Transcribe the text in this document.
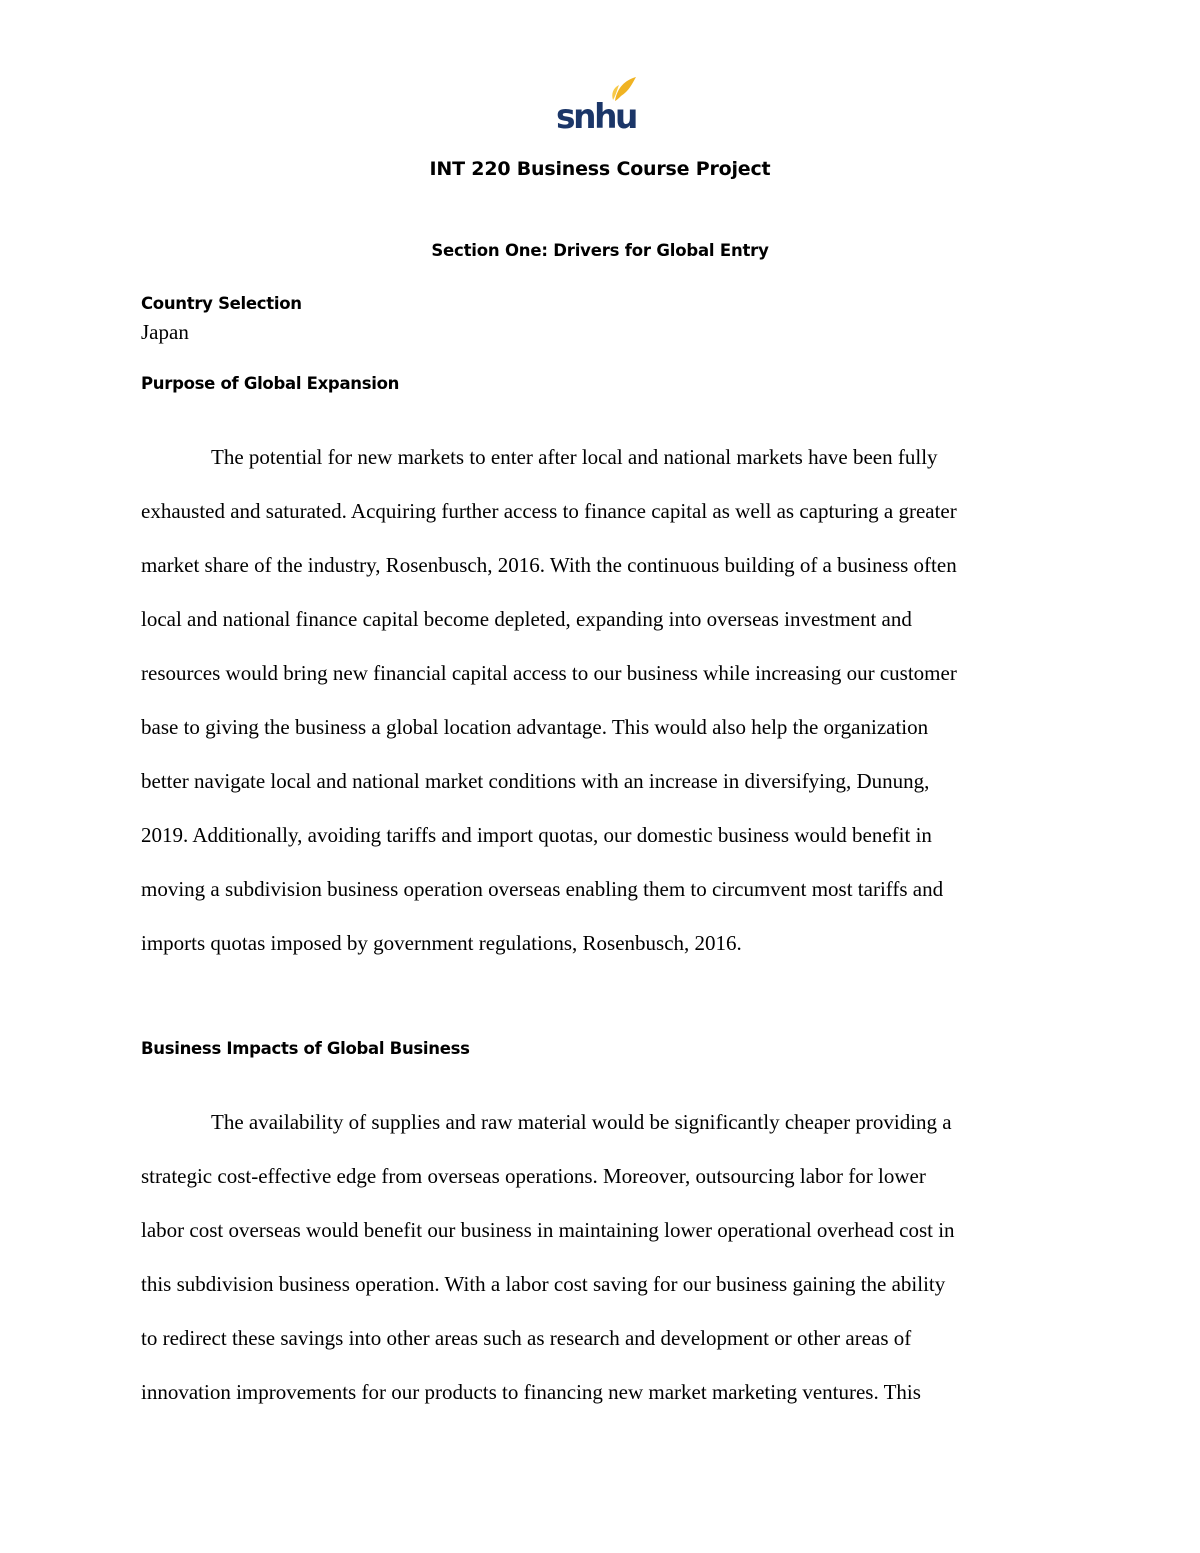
snhu
INT 220 Business Course Project
Section One: Drivers for Global Entry
Country Selection
Japan
Purpose of Global Expansion
The potential for new markets to enter after local and national markets have been fully
exhausted and saturated. Acquiring further access to finance capital as well as capturing a greater
market share of the industry, Rosenbusch, 2016. With the continuous building of a business often
local and national finance capital become depleted, expanding into overseas investment and
resources would bring new financial capital access to our business while increasing our customer
base to giving the business a global location advantage. This would also help the organization
better navigate local and national market conditions with an increase in diversifying, Dunung,
2019. Additionally, avoiding tariffs and import quotas, our domestic business would benefit in
moving a subdivision business operation overseas enabling them to circumvent most tariffs and
imports quotas imposed by government regulations, Rosenbusch, 2016.
Business Impacts of Global Business
The availability of supplies and raw material would be significantly cheaper providing a
strategic cost-effective edge from overseas operations. Moreover, outsourcing labor for lower
labor cost overseas would benefit our business in maintaining lower operational overhead cost in
this subdivision business operation. With a labor cost saving for our business gaining the ability
to redirect these savings into other areas such as research and development or other areas of
innovation improvements for our products to financing new market marketing ventures. This
